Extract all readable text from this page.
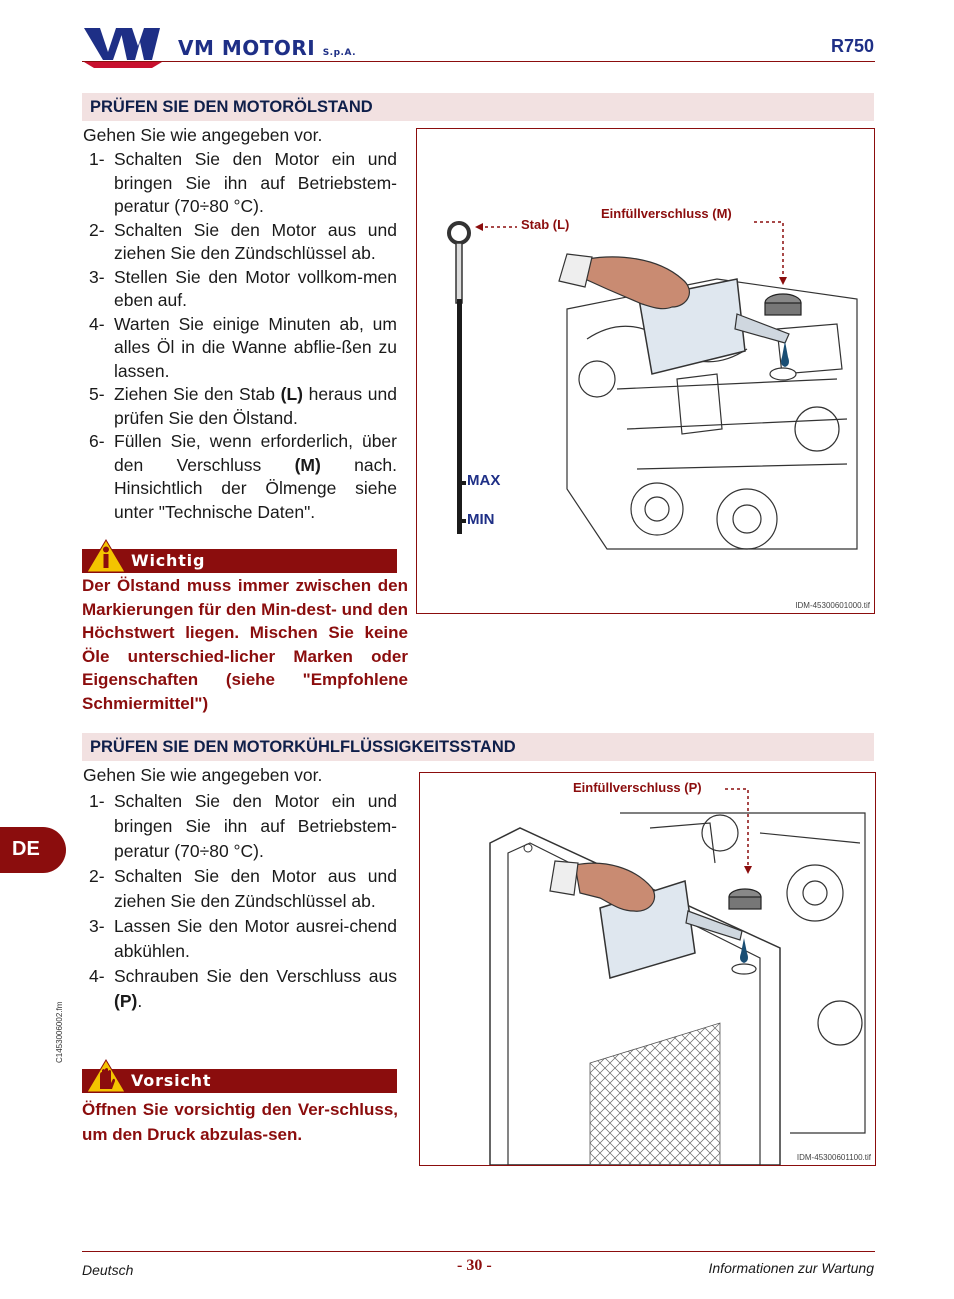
VM MOTORI S.p.A.	R750
PRÜFEN SIE DEN MOTORÖLSTAND
Gehen Sie wie angegeben vor.
1- Schalten Sie den Motor ein und bringen Sie ihn auf Betriebstem-peratur (70÷80 °C).
2- Schalten Sie den Motor aus und ziehen Sie den Zündschlüssel ab.
3- Stellen Sie den Motor vollkom-men eben auf.
4- Warten Sie einige Minuten ab, um alles Öl in die Wanne abflie-ßen zu lassen.
5- Ziehen Sie den Stab (L) heraus und prüfen Sie den Ölstand.
6- Füllen Sie, wenn erforderlich, über den Verschluss (M) nach. Hinsichtlich der Ölmenge siehe unter "Technische Daten".
Wichtig
Der Ölstand muss immer zwischen den Markierungen für den Min-dest- und den Höchstwert liegen. Mischen Sie keine Öle unterschied-licher Marken oder Eigenschaften (siehe "Empfohlene Schmiermittel")
Stab (L)
Einfüllverschluss (M)
MAX
MIN
IDM-45300601000.tif
PRÜFEN SIE DEN MOTORKÜHLFLÜSSIGKEITSSTAND
Gehen Sie wie angegeben vor.
1- Schalten Sie den Motor ein und bringen Sie ihn auf Betriebstem-peratur (70÷80 °C).
2- Schalten Sie den Motor aus und ziehen Sie den Zündschlüssel ab.
3- Lassen Sie den Motor ausrei-chend abkühlen.
4- Schrauben Sie den Verschluss aus (P).
Vorsicht
Öffnen Sie vorsichtig den Ver-schluss, um den Druck abzulas-sen.
Einfüllverschluss (P)
IDM-45300601100.tif
DE
C1453006002.fm
Deutsch	- 30 -	Informationen zur Wartung
